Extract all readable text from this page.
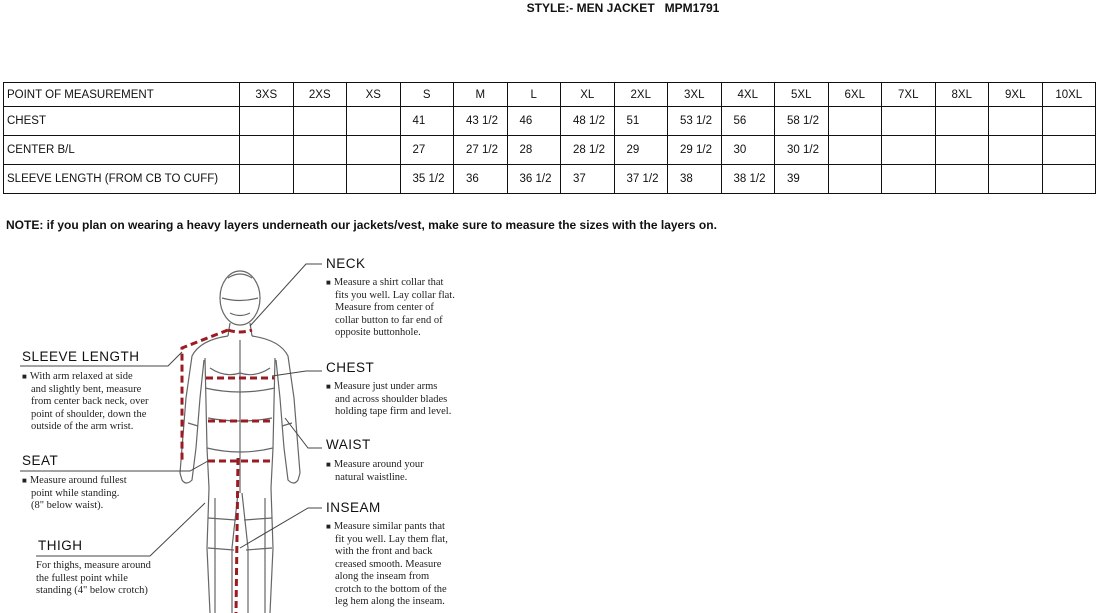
STYLE:- MEN JACKET MPM1791
POINT OF MEASUREMENT	3XS	2XS	XS	S	M	L	XL	2XL	3XL	4XL	5XL	6XL	7XL	8XL	9XL	10XL
CHEST				41	43 1/2	46	48 1/2	51	53 1/2	56	58 1/2					
CENTER B/L				27	27 1/2	28	28 1/2	29	29 1/2	30	30 1/2					
SLEEVE LENGTH (FROM CB TO CUFF)				35 1/2	36	36 1/2	37	37 1/2	38	38 1/2	39					
NOTE: if you plan on wearing a heavy layers underneath our jackets/vest, make sure to measure the sizes with the layers on.
NECK
■ Measure a shirt collar that
fits you well. Lay collar flat.
Measure from center of
collar button to far end of
opposite buttonhole.
CHEST
■ Measure just under arms
and across shoulder blades
holding tape firm and level.
WAIST
■ Measure around your
natural waistline.
INSEAM
■ Measure similar pants that
fit you well. Lay them flat,
with the front and back
creased smooth. Measure
along the inseam from
crotch to the bottom of the
leg hem along the inseam.
SLEEVE LENGTH
■ With arm relaxed at side
and slightly bent, measure
from center back neck, over
point of shoulder, down the
outside of the arm wrist.
SEAT
■ Measure around fullest
point while standing.
(8" below waist).
THIGH
For thighs, measure around
the fullest point while
standing (4" below crotch)
